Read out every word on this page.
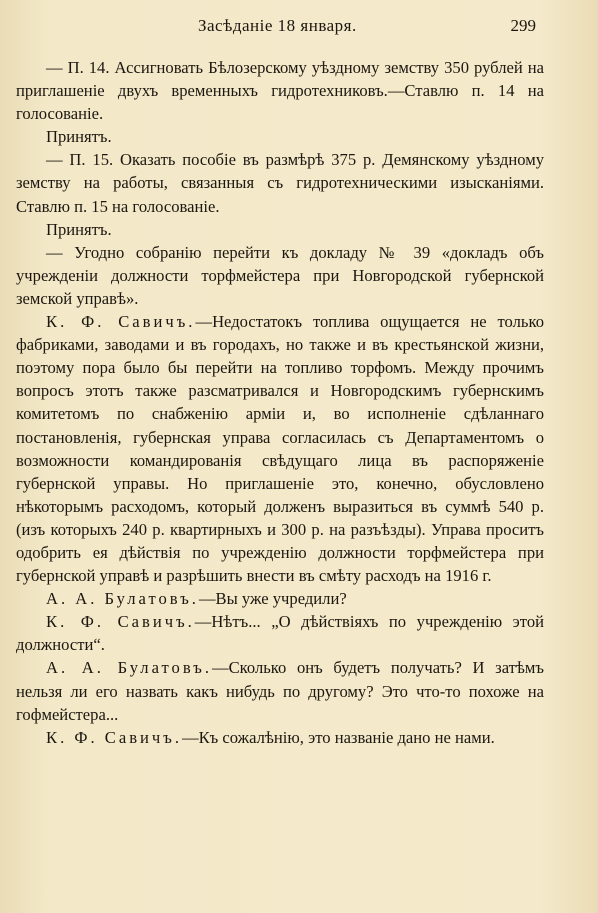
Засѣданіе 18 января.	299

— П. 14. Ассигновать Бѣлозерскому уѣздному земству 350 рублей на приглашеніе двухъ временныхъ гидротехниковъ.—Ставлю п. 14 на голосованіе.

Принятъ.

— П. 15. Оказать пособіе въ размѣрѣ 375 р. Демянскому уѣздному земству на работы, связанныя съ гидротехническими изысканіями. Ставлю п. 15 на голосованіе.

Принятъ.

— Угодно собранію перейти къ докладу № 39 «докладъ объ учрежденіи должности торфмейстера при Новгородской губернской земской управѣ».

К. Ф. Савичъ.—Недостатокъ топлива ощущается не только фабриками, заводами и въ городахъ, но также и въ крестьянской жизни, поэтому пора было бы перейти на топливо торфомъ. Между прочимъ вопросъ этотъ также разсматривался и Новгородскимъ губернскимъ комитетомъ по снабженію арміи и, во исполненіе сдѣланнаго постановленія, губернская управа согласилась съ Департаментомъ о возможности командированія свѣдущаго лица въ распоряженіе губернской управы. Но приглашеніе это, конечно, обусловлено нѣкоторымъ расходомъ, который долженъ выразиться въ суммѣ 540 р. (изъ которыхъ 240 р. квартирныхъ и 300 р. на разъѣзды). Управа проситъ одобрить ея дѣйствія по учрежденію должности торфмейстера при губернской управѣ и разрѣшить внести въ смѣту расходъ на 1916 г.

А. А. Булатовъ.—Вы уже учредили?

К. Ф. Савичъ.—Нѣтъ... „О дѣйствіяхъ по учрежденію этой должности“.

А. А. Булатовъ.—Сколько онъ будетъ получать? И затѣмъ нельзя ли его назвать какъ нибудь по другому? Это что-то похоже на гофмейстера...

К. Ф. Савичъ.—Къ сожалѣнію, это названіе дано не нами.
